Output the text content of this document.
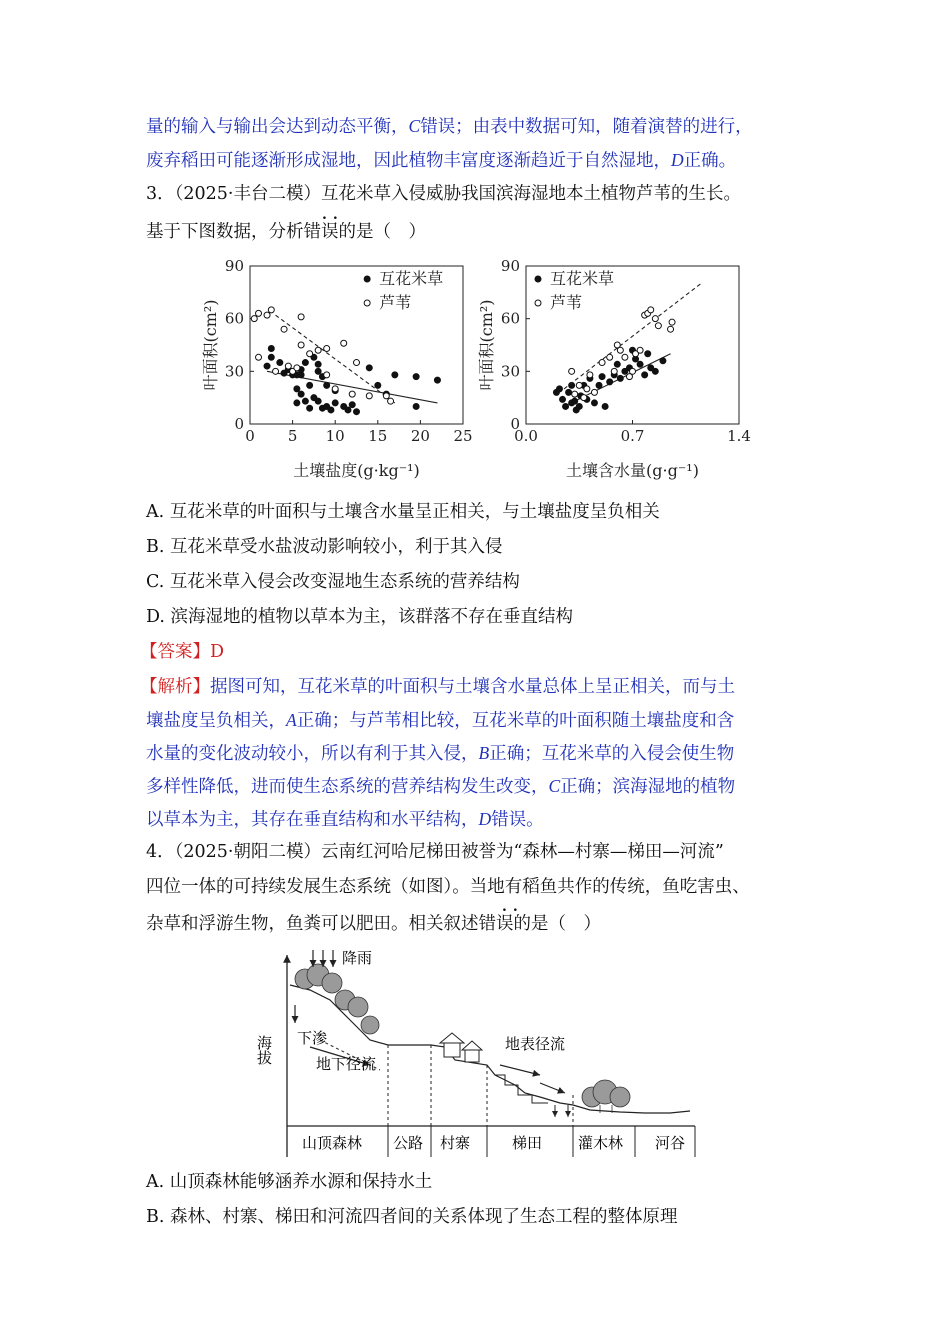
量的输入与输出会达到动态平衡，C错误；由表中数据可知，随着演替的进行，
废弃稻田可能逐渐形成湿地，因此植物丰富度逐渐趋近于自然湿地，D正确。
3．（2025·丰台二模）互花米草入侵威胁我国滨海湿地本土植物芦苇的生长。
..
基于下图数据，分析错误的是（　）
0
30
60
90
0 5 10 15 20 25
土壤盐度(g·kg⁻¹)
叶面积(cm²)
互花米草
芦苇
0
30
60
90
0.0	0.7	1.4
土壤含水量(g·g⁻¹)
叶面积(cm²)
互花米草
芦苇
A. 互花米草的叶面积与土壤含水量呈正相关，与土壤盐度呈负相关
B. 互花米草受水盐波动影响较小，利于其入侵
C. 互花米草入侵会改变湿地生态系统的营养结构
D. 滨海湿地的植物以草本为主，该群落不存在垂直结构
【答案】D
【解析】据图可知，互花米草的叶面积与土壤含水量总体上呈正相关，而与土
壤盐度呈负相关，A正确；与芦苇相比较，互花米草的叶面积随土壤盐度和含
水量的变化波动较小，所以有利于其入侵，B正确；互花米草的入侵会使生物
多样性降低，进而使生态系统的营养结构发生改变，C正确；滨海湿地的植物
以草本为主，其存在垂直结构和水平结构，D错误。
4．（2025·朝阳二模）云南红河哈尼梯田被誉为“森林—村寨—梯田—河流”
四位一体的可持续发展生态系统（如图）。当地有稻鱼共作的传统，鱼吃害虫、
..
杂草和浮游生物，鱼粪可以肥田。相关叙述错误的是（　）
海拔
降雨
下渗
地下径流
地表径流
山顶森林 公路 村寨	梯田 灌木林 河谷
A. 山顶森林能够涵养水源和保持水土
B. 森林、村寨、梯田和河流四者间的关系体现了生态工程的整体原理
